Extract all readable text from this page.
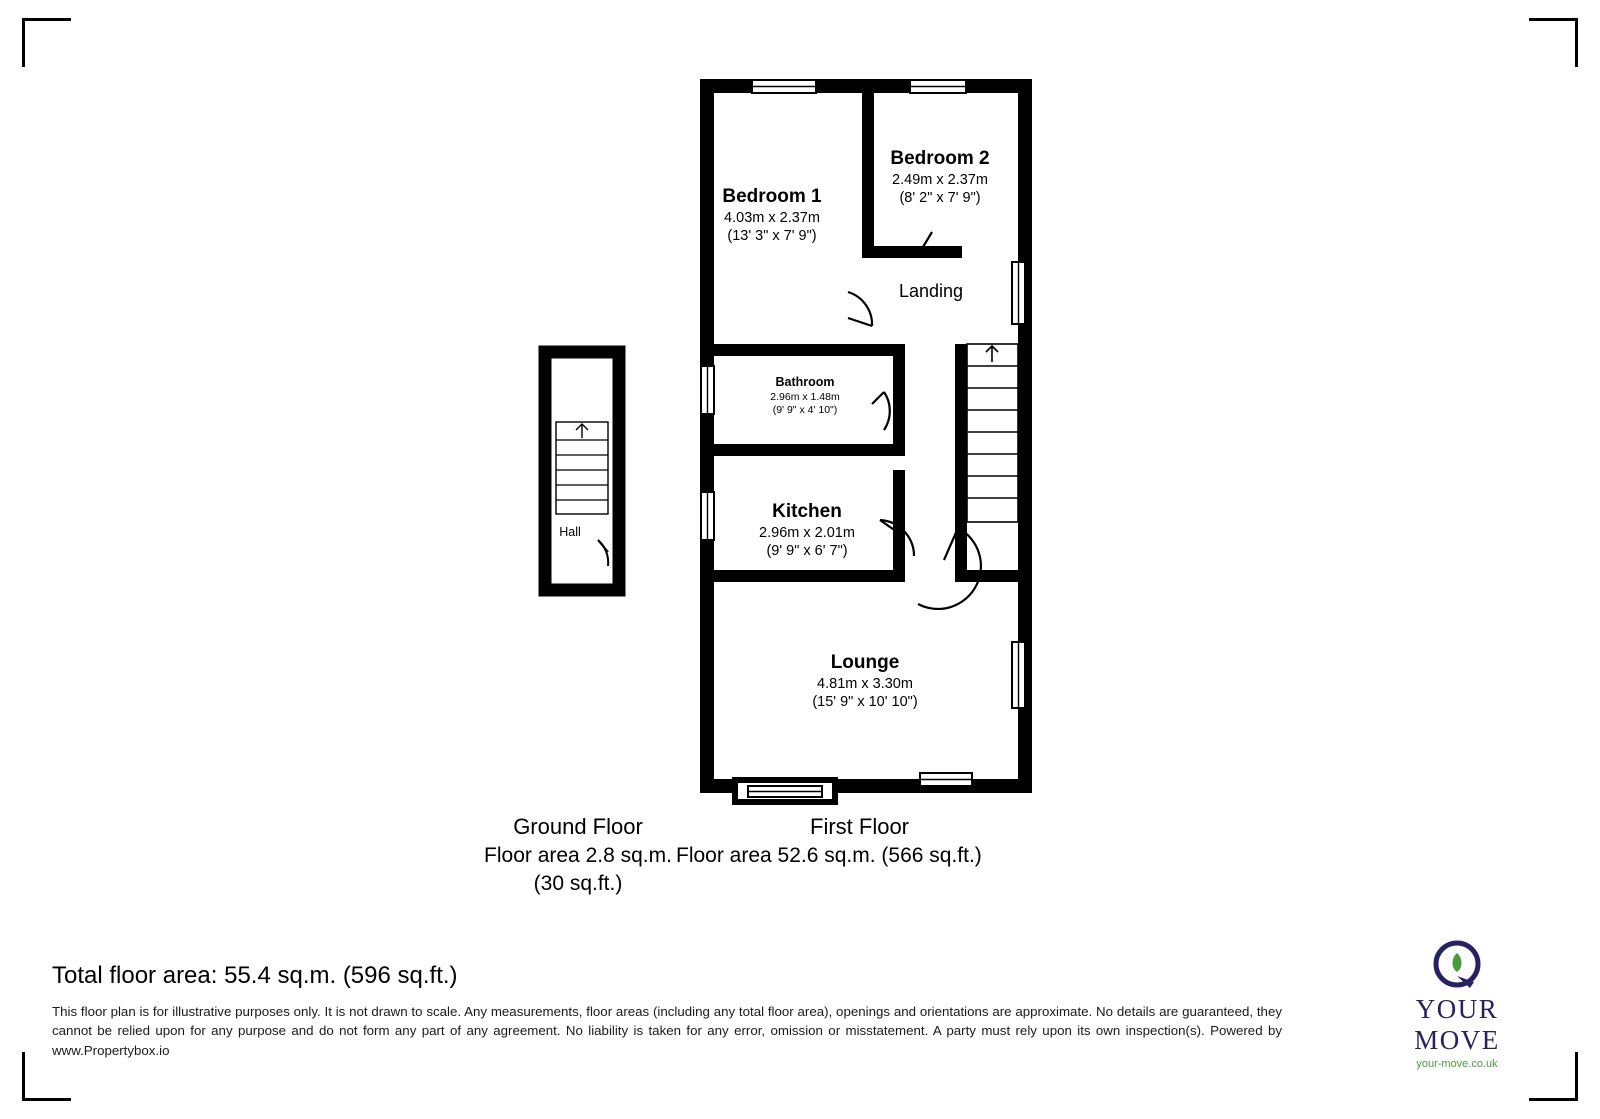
Bedroom 1
4.03m x 2.37m
(13' 3" x 7' 9")
Bedroom 2
2.49m x 2.37m
(8' 2" x 7' 9")
Landing
Bathroom
2.96m x 1.48m
(9' 9" x 4' 10")
Kitchen
2.96m x 2.01m
(9' 9" x 6' 7")
Lounge
4.81m x 3.30m
(15' 9" x 10' 10")
Hall
Ground Floor
Floor area 2.8 sq.m. (30 sq.ft.)
First Floor
Floor area 52.6 sq.m. (566 sq.ft.)
Total floor area: 55.4 sq.m. (596 sq.ft.)
This floor plan is for illustrative purposes only. It is not drawn to scale. Any measurements, floor areas (including any total floor area), openings and orientations are approximate. No details are guaranteed, they cannot be relied upon for any purpose and do not form any part of any agreement. No liability is taken for any error, omission or misstatement. A party must rely upon its own inspection(s). Powered by www.Propertybox.io
YOUR MOVE
your-move.co.uk
